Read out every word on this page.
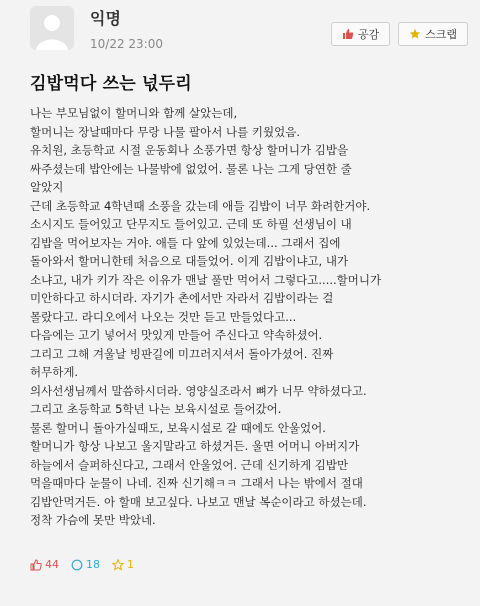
익명
10/22 23:00
공감	스크랩
김밥먹다 쓰는 넋두리

나는 부모님없이 할머니와 함께 살았는데,
할머니는 장날때마다 무랑 나물 팔아서 나를 키웠었음.
유치원, 초등학교 시절 운동회나 소풍가면 항상 할머니가 김밥을
싸주셨는데 밥안에는 나물밖에 없었어. 물론 나는 그게 당연한 줄
알았지

근데 초등학교 4학년때 소풍을 갔는데 애들 김밥이 너무 화려한거야.
소시지도 들어있고 단무지도 들어있고. 근데 또 하필 선생님이 내
김밥을 먹어보자는 거야. 애들 다 앞에 있었는데... 그래서 집에
돌아와서 할머니한테 처음으로 대들었어. 이게 김밥이냐고, 내가
소냐고, 내가 키가 작은 이유가 맨날 풀만 먹어서 그렇다고.....할머니가
미안하다고 하시더라. 자기가 촌에서만 자라서 김밥이라는 걸
몰랐다고. 라디오에서 나오는 것만 듣고 만들었다고...

다음에는 고기 넣어서 맛있게 만들어 주신다고 약속하셨어.
그리고 그해 겨울날 빙판길에 미끄러지셔서 돌아가셨어. 진짜
허무하게.

의사선생님께서 말씀하시더라. 영양실조라서 뼈가 너무 약하셨다고.
그리고 초등학교 5학년 나는 보육시설로 들어갔어.
물론 할머니 돌아가실때도, 보육시설로 갈 때에도 안울었어.
할머니가 항상 나보고 울지말라고 하셨거든. 울면 어머니 아버지가
하늘에서 슬퍼하신다고, 그래서 안울었어. 근데 신기하게 김밥만
먹을때마다 눈물이 나네. 진짜 신기해ㅋㅋ 그래서 나는 밖에서 절대
김밥안먹거든. 아 할매 보고싶다. 나보고 맨날 복순이라고 하셨는데.
정착 가슴에 못만 박았네.

44 18 1
